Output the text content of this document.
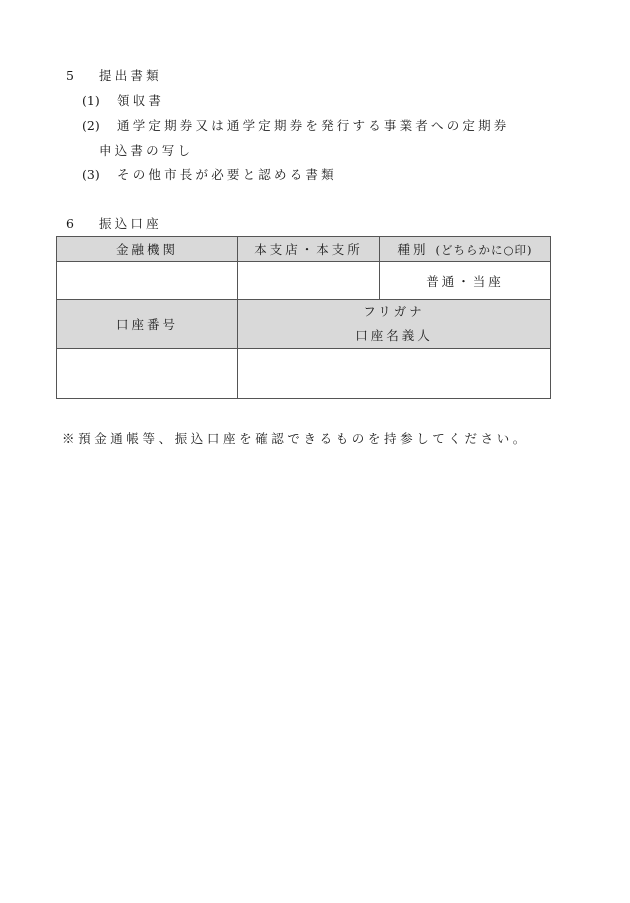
5 提出書類
(1) 領収書
(2) 通学定期券又は通学定期券を発行する事業者への定期券
申込書の写し
(3) その他市長が必要と認める書類
6 振込口座
金融機関	本支店・本支所	種別 (どちらかに○印)
		普通・当座
口座番号	フリガナ
口座名義人	

※預金通帳等、振込口座を確認できるものを持参してください。
